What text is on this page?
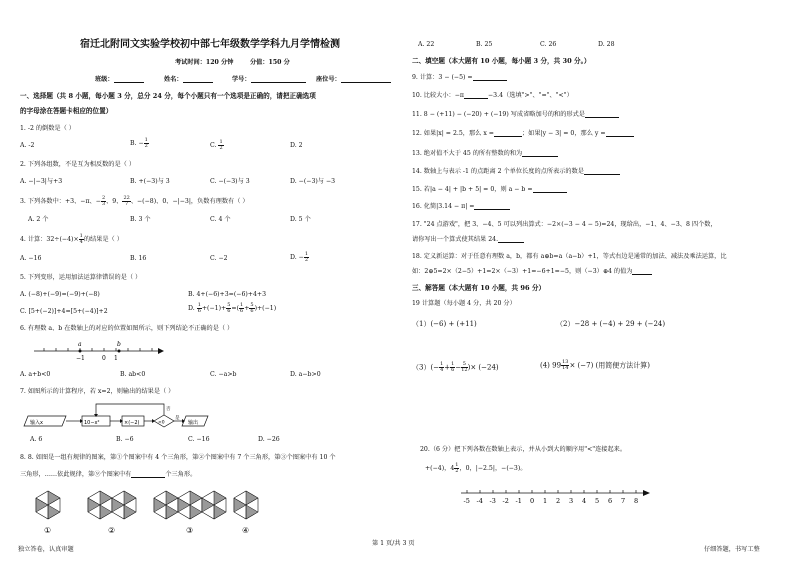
宿迁北附同文实验学校初中部七年级数学学科九月学情检测
考试时间：120 分钟	分值：150 分
班级：	姓名：	学号：	座位号：
一、选择题（共 8 小题，每小题 3 分，总分 24 分，每个小题只有一个选项是正确的，请把正确选项
的字母涂在答题卡相应的位置）
1. -2 的倒数是（ ）
A. -2	B. − $\frac{1}{2}$	C. $\frac{1}{2}$	D. 2
2. 下列各组数，不是互为相反数的是（ ）
A. −|−3|与+3	B. +(−3)与 3	C. −(−3)与 3	D. −(−3)与 −3
3. 下列各数中：+3、−π、− $\frac{2}{3}$ 、9、 $\frac{22}{7}$ 、−(−8)、0、−|−3|，负数有理数有（ ）
A. 2 个	B. 3 个	C. 4 个	D. 5 个
4. 计算：$32\div(-4)\times \frac{1}{4}$ 的结果是（ ）
A. −16	B. 16	C. −2	D. − $\frac{1}{2}$
5. 下列变形，运用加法运算律错误的是（ ）
A. (−8)+(−9)=(−9)+(−8)	B. 4+(−6)+3=(−6)+4+3
C. [5+(−2)]+4=[5+(−4)]+2	D. $\frac{1}{6} +(-1)+ \frac{5}{6}$ =( $\frac{1}{6} + \frac{5}{6} )+(-1)$
6. 有理数 a、b 在数轴上的对应的位置如图所示，则下列结论不正确的是（ ）
a	b
−1	0 1
A. a+b<0	B. ab<0	C. −a>b	D. a−b>0
7. 如图所示的计算程序，若 x=2，则输出的结果是（ ）
输入x	10−x²	×(−2)	<0	输出
否
是
A. 6	B. −6	C. −16	D. −26
8. 8. 如图是一组有规律的图案，第①个图案中有 4 个三角形，第②个图案中有 7 个三角形，第③个图案中有 10 个
三角形，……依此规律，第⑨个图案中有	个三角形。
①	②	③	④
A. 22	B. 25	C. 26	D. 28
二、填空题（本大题有 10 小题，每小题 3 分，共 30 分。）
9. 计算：3 − (−5) =
10. 比较大小：−π	−3.4（选填">"、"="、"<"）
11. 8 − (+11) − (−20) + (−19) 写成省略加号的和的形式是
12. 如果|x| = 2.5，那么 x =	；如果|y − 3| = 0，那么 y =
13. 绝对值不大于 45 的所有整数的和为
14. 数轴上与表示 -1 的点距离 2 个单位长度的点所表示的数是
15. 若|a − 4| + |b + 5| = 0，则 a − b =
16. 化简|3.14 − π| =
17. "24 点游戏"，把 3、−4、5 可以列出算式：−2×(−3 − 4 − 5)=24，现给出，−1、4、−3、8 四个数，
请你写出一个算式使其结果 24.
18. 定义新运算：对于任意有理数 a，b，都有 a⊕b=a（a−b）+1，等式右边是通常的加法、减法及乘法运算，比
如：2⊕5=2×（2−5）+1=2×（−3）+1=−6+1=−5，则（−3）⊕4 的值为
三、解答题（本大题有 10 小题，共 96 分）
19 计算题（每小题 4 分，共 20 分）
（1）(−6) + (+11)	（2）−28 + (−4) + 29 + (−24)
$(3)(- \frac{1}{4} + \frac{1}{6} - \frac{5}{12}$ )× (−24)	(4) $99 \frac{13}{14} \times (-7)$ (用简便方法计算)
20.（6 分）把下列各数在数轴上表示，并从小到大的顺序用"<"连接起来。
+(−4)，$4 \frac{1}{2}$ ，0，|−2.5|，−(−3)。
-5 -4 -3 -2 -1 0 1 2 3 4 5 6 7 8
独立答卷，认真审题
第 1 页/共 3 页
仔细答题，书写工整
